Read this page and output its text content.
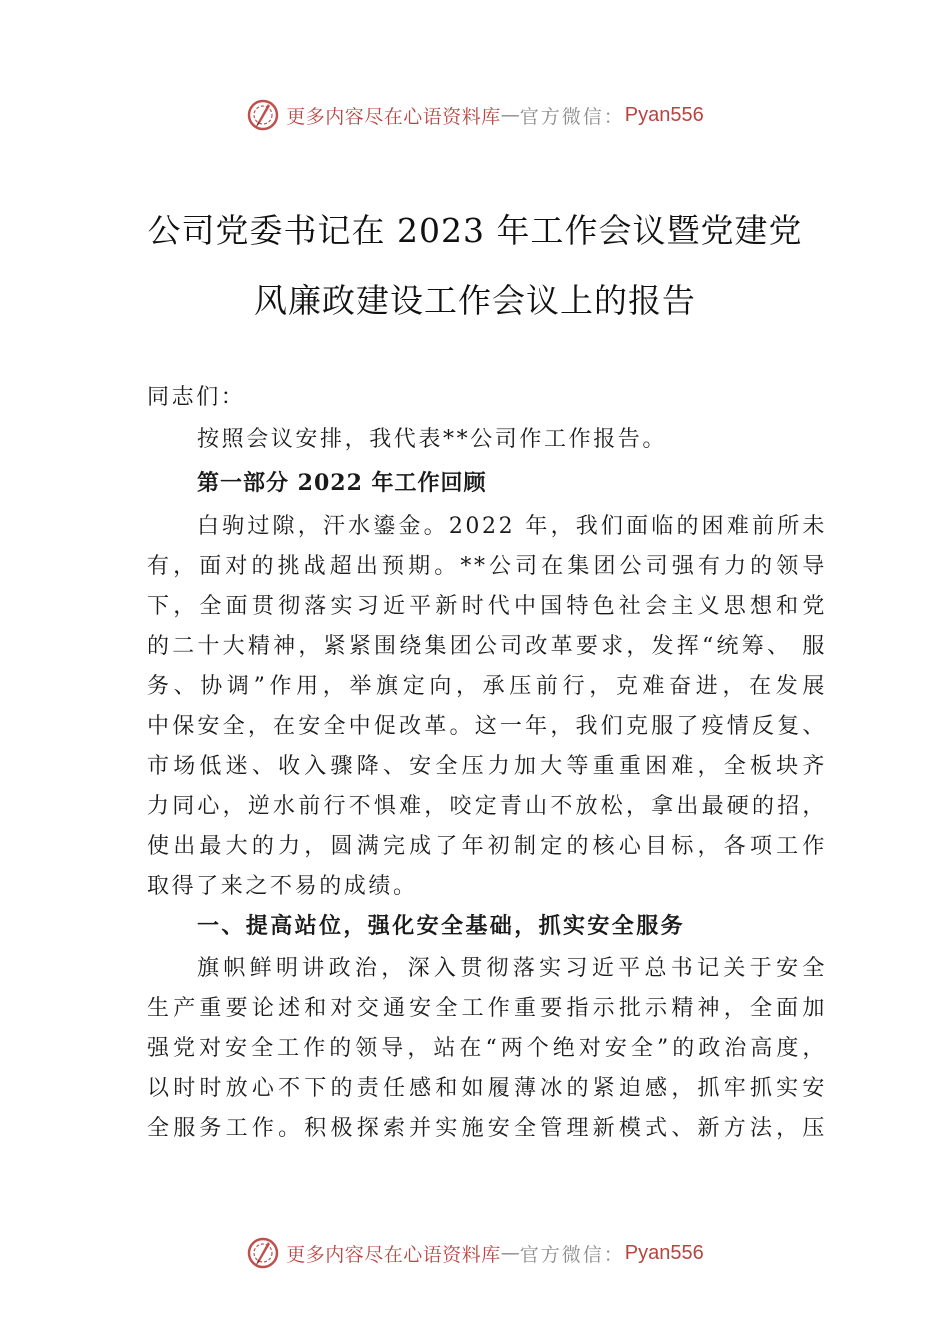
更多内容尽在心语资料库 — 官方微信： Pyan556
公司党委书记在 2023 年工作会议暨党建党
风廉政建设工作会议上的报告
同志们：
按照会议安排，我代表**公司作工作报告。
第一部分 2022 年工作回顾
白驹过隙，汗水鎏金。2022 年，我们面临的困难前所未
有，面对的挑战超出预期。**公司在集团公司强有力的领导
下，全面贯彻落实习近平新时代中国特色社会主义思想和党
的二十大精神，紧紧围绕集团公司改革要求，发挥“统筹、 服
务、协调”作用，举旗定向，承压前行，克难奋进，在发展
中保安全，在安全中促改革。这一年，我们克服了疫情反复、
市场低迷、收入骤降、安全压力加大等重重困难，全板块齐
力同心，逆水前行不惧难，咬定青山不放松，拿出最硬的招，
使出最大的力，圆满完成了年初制定的核心目标，各项工作
取得了来之不易的成绩。
一、提高站位，强化安全基础，抓实安全服务
旗帜鲜明讲政治，深入贯彻落实习近平总书记关于安全
生产重要论述和对交通安全工作重要指示批示精神，全面加
强党对安全工作的领导，站在“两个绝对安全”的政治高度，
以时时放心不下的责任感和如履薄冰的紧迫感，抓牢抓实安
全服务工作。积极探索并实施安全管理新模式、新方法，压
更多内容尽在心语资料库 — 官方微信： Pyan556
